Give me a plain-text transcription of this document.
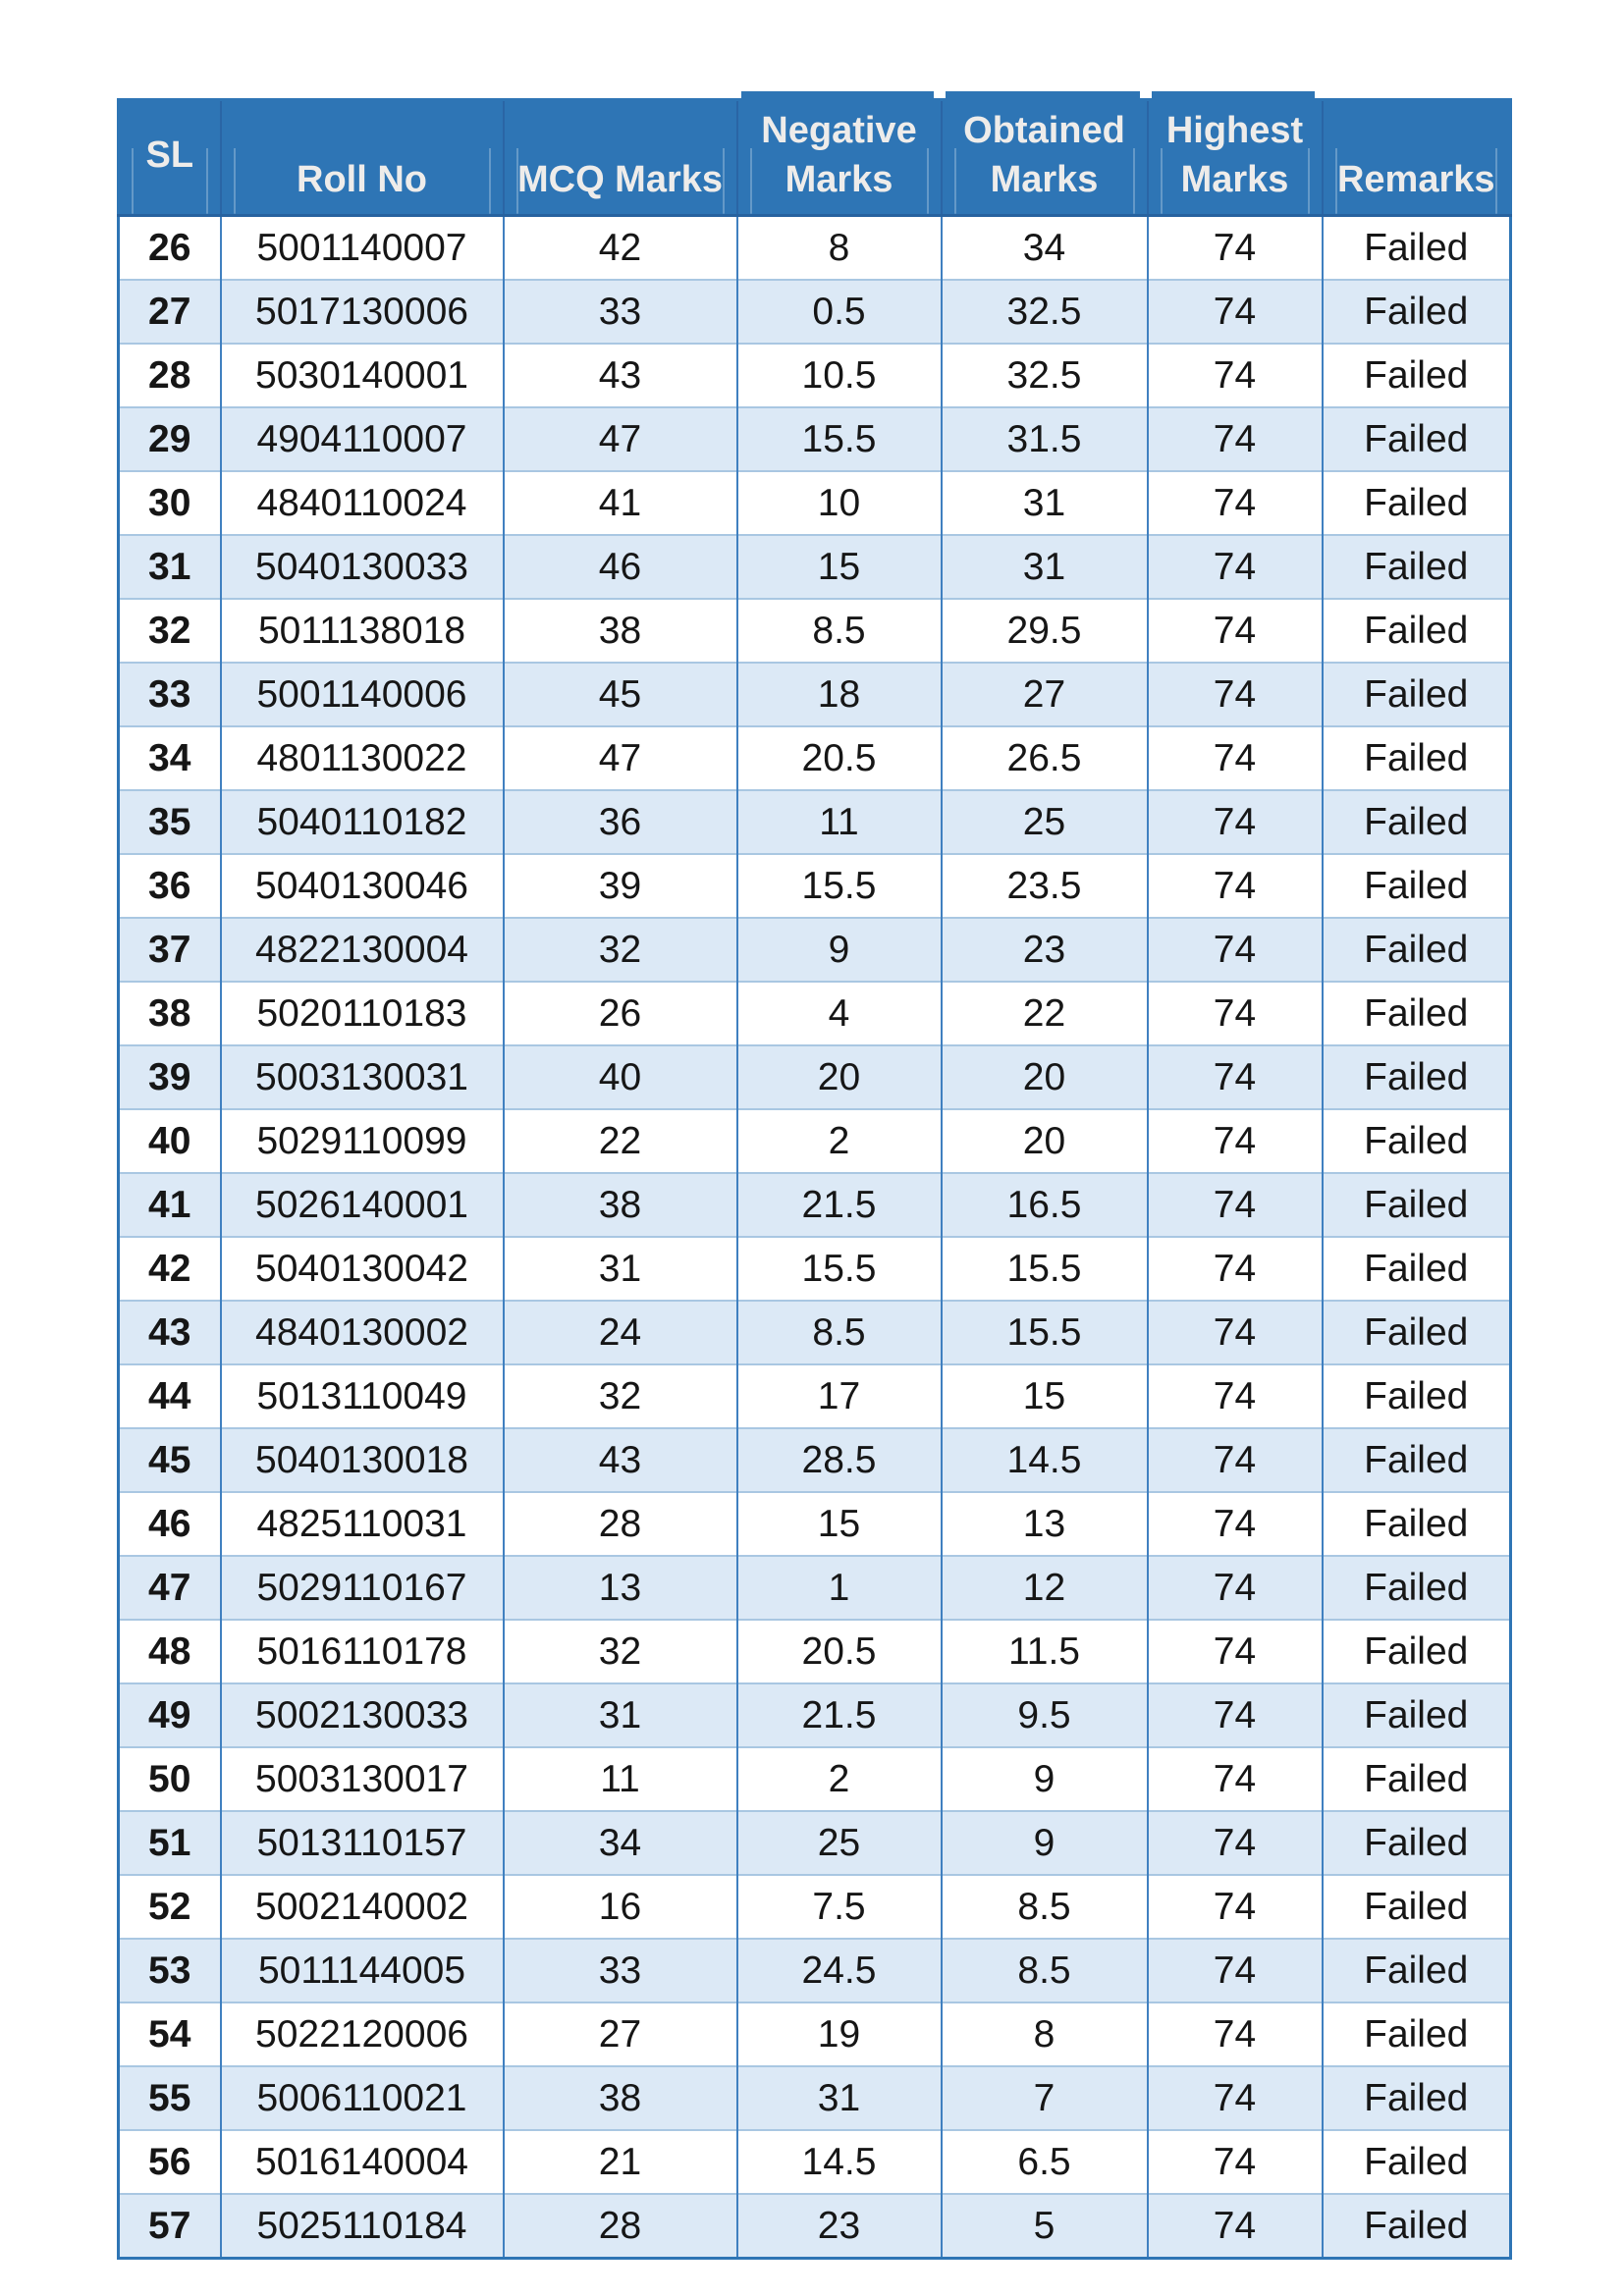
SL	Roll No	MCQ Marks	Negative Marks	Obtained Marks	Highest Marks	Remarks
26	5001140007	42	8	34	74	Failed
27	5017130006	33	0.5	32.5	74	Failed
28	5030140001	43	10.5	32.5	74	Failed
29	4904110007	47	15.5	31.5	74	Failed
30	4840110024	41	10	31	74	Failed
31	5040130033	46	15	31	74	Failed
32	5011138018	38	8.5	29.5	74	Failed
33	5001140006	45	18	27	74	Failed
34	4801130022	47	20.5	26.5	74	Failed
35	5040110182	36	11	25	74	Failed
36	5040130046	39	15.5	23.5	74	Failed
37	4822130004	32	9	23	74	Failed
38	5020110183	26	4	22	74	Failed
39	5003130031	40	20	20	74	Failed
40	5029110099	22	2	20	74	Failed
41	5026140001	38	21.5	16.5	74	Failed
42	5040130042	31	15.5	15.5	74	Failed
43	4840130002	24	8.5	15.5	74	Failed
44	5013110049	32	17	15	74	Failed
45	5040130018	43	28.5	14.5	74	Failed
46	4825110031	28	15	13	74	Failed
47	5029110167	13	1	12	74	Failed
48	5016110178	32	20.5	11.5	74	Failed
49	5002130033	31	21.5	9.5	74	Failed
50	5003130017	11	2	9	74	Failed
51	5013110157	34	25	9	74	Failed
52	5002140002	16	7.5	8.5	74	Failed
53	5011144005	33	24.5	8.5	74	Failed
54	5022120006	27	19	8	74	Failed
55	5006110021	38	31	7	74	Failed
56	5016140004	21	14.5	6.5	74	Failed
57	5025110184	28	23	5	74	Failed
